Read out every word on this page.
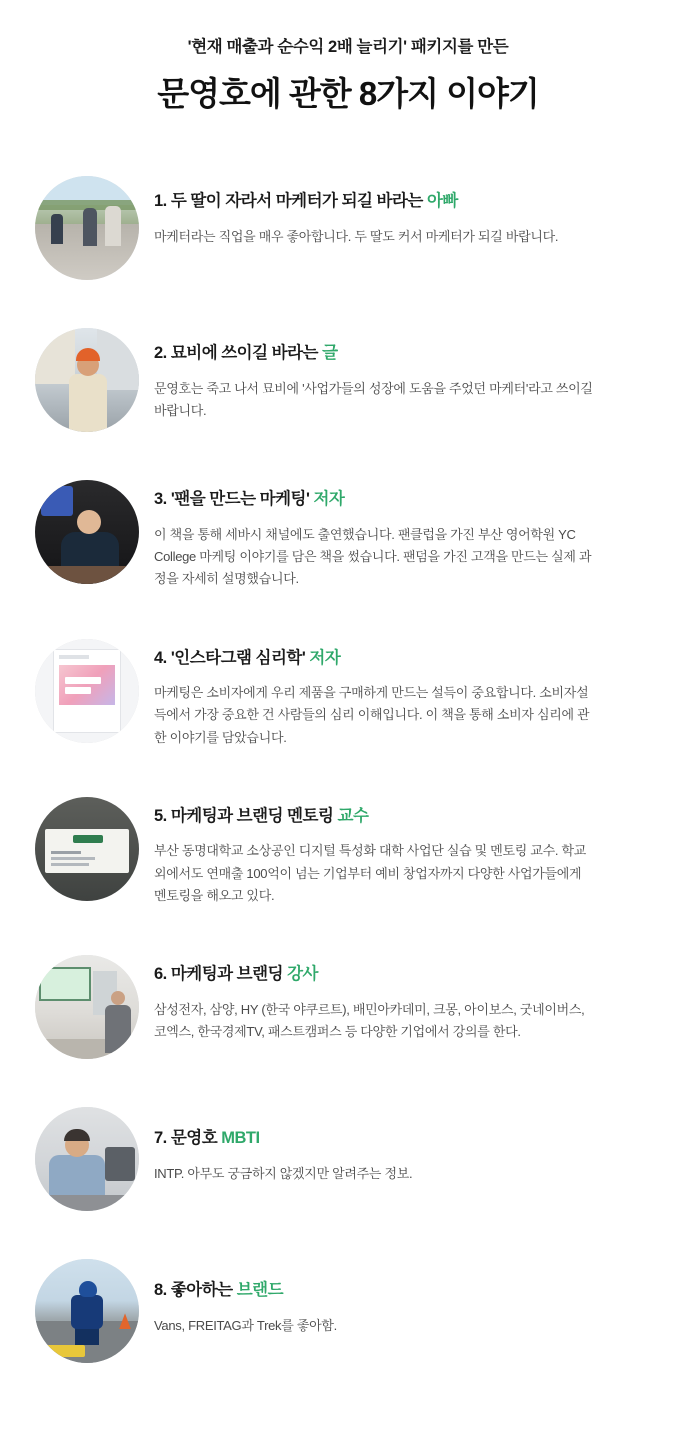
'현재 매출과 순수익 2배 늘리기' 패키지를 만든
문영호에 관한 8가지 이야기
1. 두 딸이 자라서 마케터가 되길 바라는 아빠
마케터라는 직업을 매우 좋아합니다. 두 딸도 커서 마케터가 되길 바랍니다.
2. 묘비에 쓰이길 바라는 글
문영호는 죽고 나서 묘비에 '사업가들의 성장에 도움을 주었던 마케터'라고 쓰이길 바랍니다.
3. '팬을 만드는 마케팅' 저자
이 책을 통해 세바시 채널에도 출연했습니다. 팬클럽을 가진 부산 영어학원 YC College 마케팅 이야기를 담은 책을 썼습니다. 팬덤을 가진 고객을 만드는 실제 과정을 자세히 설명했습니다.
4. '인스타그램 심리학' 저자
마케팅은 소비자에게 우리 제품을 구매하게 만드는 설득이 중요합니다. 소비자설득에서 가장 중요한 건 사람들의 심리 이해입니다. 이 책을 통해 소비자 심리에 관한 이야기를 담았습니다.
5. 마케팅과 브랜딩 멘토링 교수
부산 동명대학교 소상공인 디지털 특성화 대학 사업단 실습 및 멘토링 교수. 학교 외에서도 연매출 100억이 넘는 기업부터 예비 창업자까지 다양한 사업가들에게 멘토링을 해오고 있다.
6. 마케팅과 브랜딩 강사
삼성전자, 삼양, HY (한국 야쿠르트), 배민아카데미, 크몽, 아이보스, 굿네이버스, 코엑스, 한국경제TV, 패스트캠퍼스 등 다양한 기업에서 강의를 한다.
7. 문영호 MBTI
INTP. 아무도 궁금하지 않겠지만 알려주는 정보.
8. 좋아하는 브랜드
Vans, FREITAG과 Trek를 좋아함.
